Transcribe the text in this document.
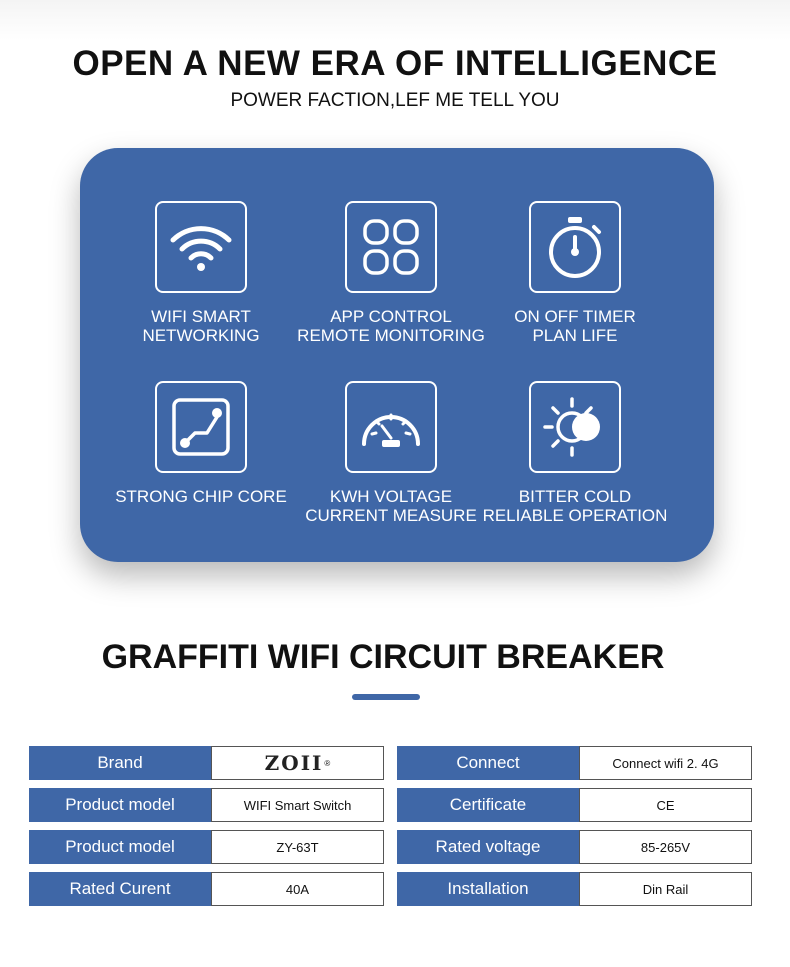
OPEN A NEW ERA OF INTELLIGENCE

POWER FACTION,LEF ME TELL YOU

WIFI SMART
NETWORKING
APP CONTROL
REMOTE MONITORING
ON OFF TIMER
PLAN LIFE
STRONG CHIP CORE	KWH VOLTAGE
CURRENT MEASURE
BITTER COLD
RELIABLE OPERATION
GRAFFITI WIFI CIRCUIT BREAKER
Brand	ZOII ®
Product model	WIFI Smart Switch
Product model	ZY-63T
Rated Curent	40A
Connect	Connect wifi 2. 4G
Certificate	CE
Rated voltage	85-265V
Installation	Din Rail
